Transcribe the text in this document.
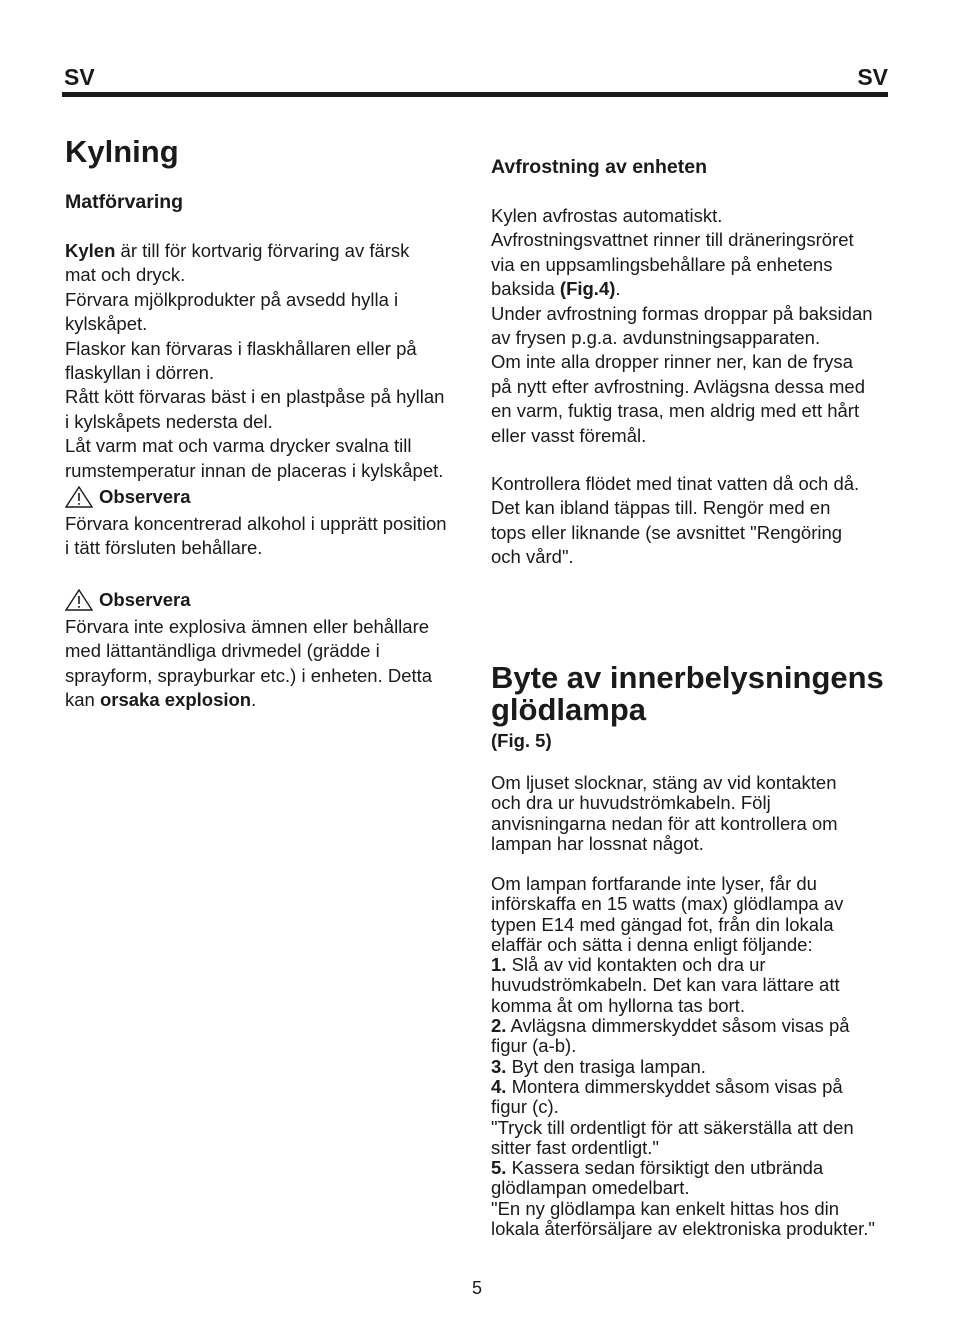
SV	SV
Kylning
Matförvaring
Kylen är till för kortvarig förvaring av färsk
mat och dryck.
Förvara mjölkprodukter på avsedd hylla i
kylskåpet.
Flaskor kan förvaras i flaskhållaren eller på
flaskyllan i dörren.
Rått kött förvaras bäst i en plastpåse på hyllan
i kylskåpets nedersta del.
Låt varm mat och varma drycker svalna till
rumstemperatur innan de placeras i kylskåpet.
Observera
Förvara koncentrerad alkohol i upprätt position
i tätt försluten behållare.
Observera
Förvara inte explosiva ämnen eller behållare
med lättantändliga drivmedel (grädde i
sprayform, sprayburkar etc.) i enheten. Detta
kan orsaka explosion.
Avfrostning av enheten
Kylen avfrostas automatiskt.
Avfrostningsvattnet rinner till dräneringsröret
via en uppsamlingsbehållare på enhetens
baksida (Fig.4).
Under avfrostning formas droppar på baksidan
av frysen p.g.a. avdunstningsapparaten.
Om inte alla dropper rinner ner, kan de frysa
på nytt efter avfrostning. Avlägsna dessa med
en varm, fuktig trasa, men aldrig med ett hårt
eller vasst föremål.
Kontrollera flödet med tinat vatten då och då.
Det kan ibland täppas till. Rengör med en
tops eller liknande (se avsnittet "Rengöring
och vård".
Byte av innerbelysningens
glödlampa
(Fig. 5)
Om ljuset slocknar, stäng av vid kontakten
och dra ur huvudströmkabeln. Följ
anvisningarna nedan för att kontrollera om
lampan har lossnat något.
Om lampan fortfarande inte lyser, får du
införskaffa en 15 watts (max) glödlampa av
typen E14 med gängad fot, från din lokala
elaffär och sätta i denna enligt följande:
1. Slå av vid kontakten och dra ur
huvudströmkabeln. Det kan vara lättare att
komma åt om hyllorna tas bort.
2. Avlägsna dimmerskyddet såsom visas på
figur (a-b).
3. Byt den trasiga lampan.
4. Montera dimmerskyddet såsom visas på
figur (c).
"Tryck till ordentligt för att säkerställa att den
sitter fast ordentligt."
5. Kassera sedan försiktigt den utbrända
glödlampan omedelbart.
"En ny glödlampa kan enkelt hittas hos din
lokala återförsäljare av elektroniska produkter."
5
